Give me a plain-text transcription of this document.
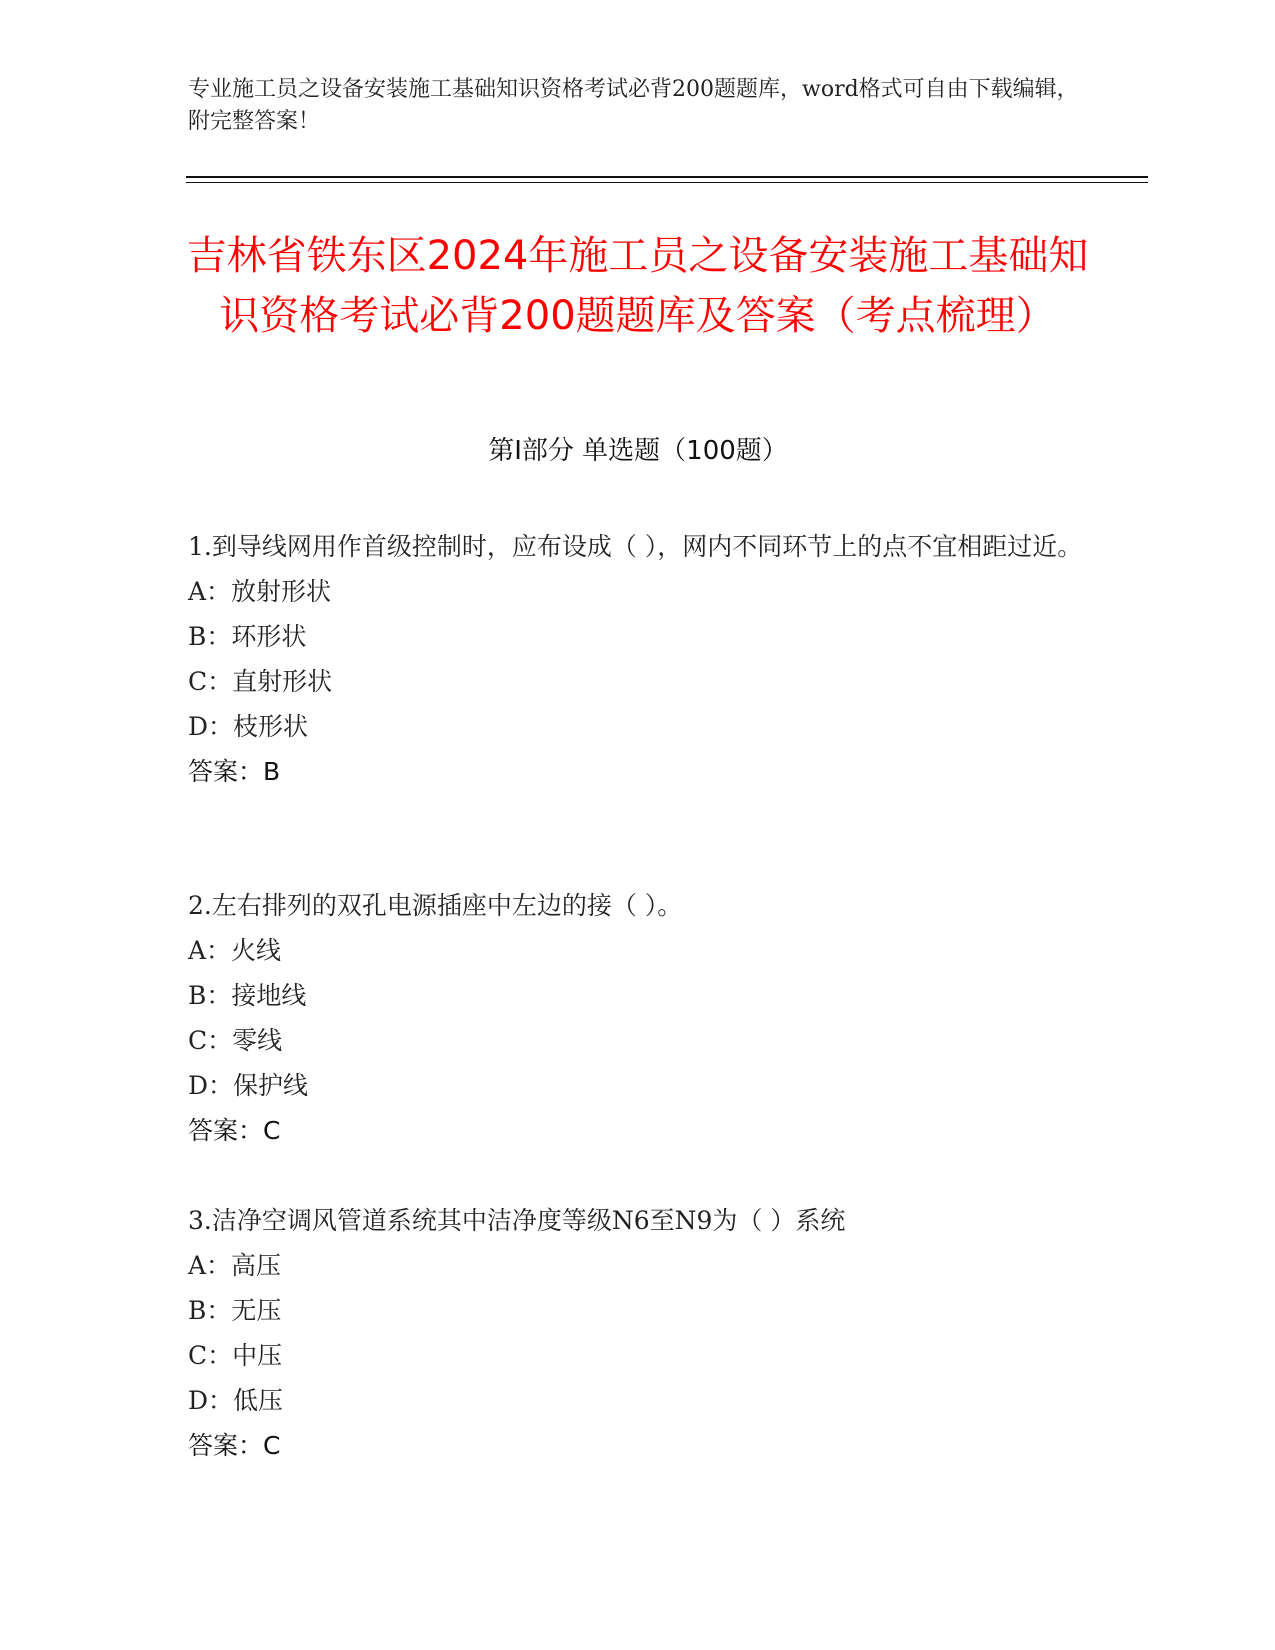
专业施工员之设备安装施工基础知识资格考试必背200题题库，word格式可自由下载编辑，附完整答案！
吉林省铁东区2024年施工员之设备安装施工基础知识资格考试必背200题题库及答案（考点梳理）
第Ⅰ部分 单选题（100题）
1.到导线网用作首级控制时，应布设成（ ），网内不同环节上的点不宜相距过近。
A：放射形状
B：环形状
C：直射形状
D：枝形状
答案：B
2.左右排列的双孔电源插座中左边的接（ ）。
A：火线
B：接地线
C：零线
D：保护线
答案：C
3.洁净空调风管道系统其中洁净度等级N6至N9为（ ）系统
A：高压
B：无压
C：中压
D：低压
答案：C
